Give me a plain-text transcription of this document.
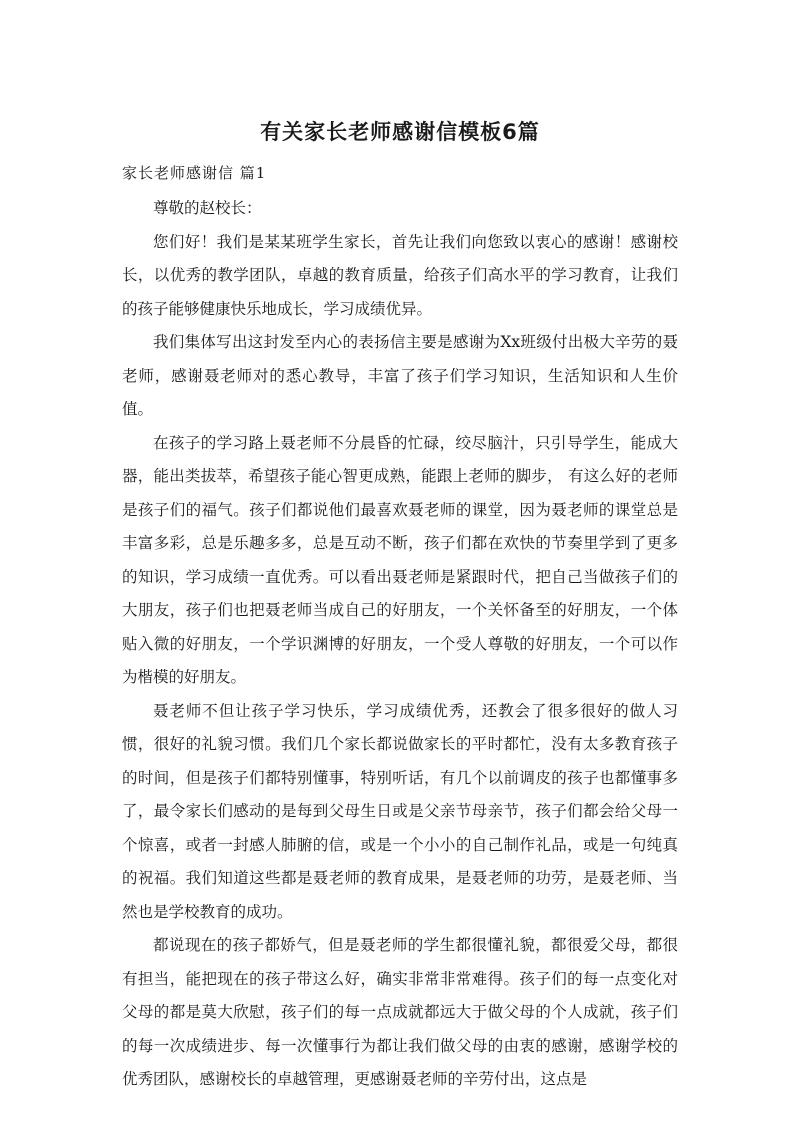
有关家长老师感谢信模板6篇
家长老师感谢信 篇1

尊敬的赵校长：

您们好！我们是某某班学生家长，首先让我们向您致以衷心的感谢！感谢校长，以优秀的教学团队，卓越的教育质量，给孩子们高水平的学习教育，让我们的孩子能够健康快乐地成长，学习成绩优异。

我们集体写出这封发至内心的表扬信主要是感谢为Xx班级付出极大辛劳的聂老师，感谢聂老师对的悉心教导，丰富了孩子们学习知识，生活知识和人生价值。

在孩子的学习路上聂老师不分晨昏的忙碌，绞尽脑汁，只引导学生，能成大器，能出类拔萃，希望孩子能心智更成熟，能跟上老师的脚步， 有这么好的老师是孩子们的福气。孩子们都说他们最喜欢聂老师的课堂，因为聂老师的课堂总是丰富多彩，总是乐趣多多，总是互动不断，孩子们都在欢快的节奏里学到了更多的知识，学习成绩一直优秀。可以看出聂老师是紧跟时代，把自己当做孩子们的大朋友，孩子们也把聂老师当成自己的好朋友，一个关怀备至的好朋友，一个体贴入微的好朋友，一个学识渊博的好朋友，一个受人尊敬的好朋友，一个可以作为楷模的好朋友。

聂老师不但让孩子学习快乐，学习成绩优秀，还教会了很多很好的做人习惯，很好的礼貌习惯。我们几个家长都说做家长的平时都忙，没有太多教育孩子的时间，但是孩子们都特别懂事，特别听话，有几个以前调皮的孩子也都懂事多了，最令家长们感动的是每到父母生日或是父亲节母亲节，孩子们都会给父母一个惊喜，或者一封感人肺腑的信，或是一个小小的自己制作礼品，或是一句纯真的祝福。我们知道这些都是聂老师的教育成果，是聂老师的功劳，是聂老师、当然也是学校教育的成功。

都说现在的孩子都娇气，但是聂老师的学生都很懂礼貌，都很爱父母，都很有担当，能把现在的孩子带这么好，确实非常非常难得。孩子们的每一点变化对父母的都是莫大欣慰，孩子们的每一点成就都远大于做父母的个人成就，孩子们的每一次成绩进步、每一次懂事行为都让我们做父母的由衷的感谢，感谢学校的优秀团队，感谢校长的卓越管理，更感谢聂老师的辛劳付出，这点是
